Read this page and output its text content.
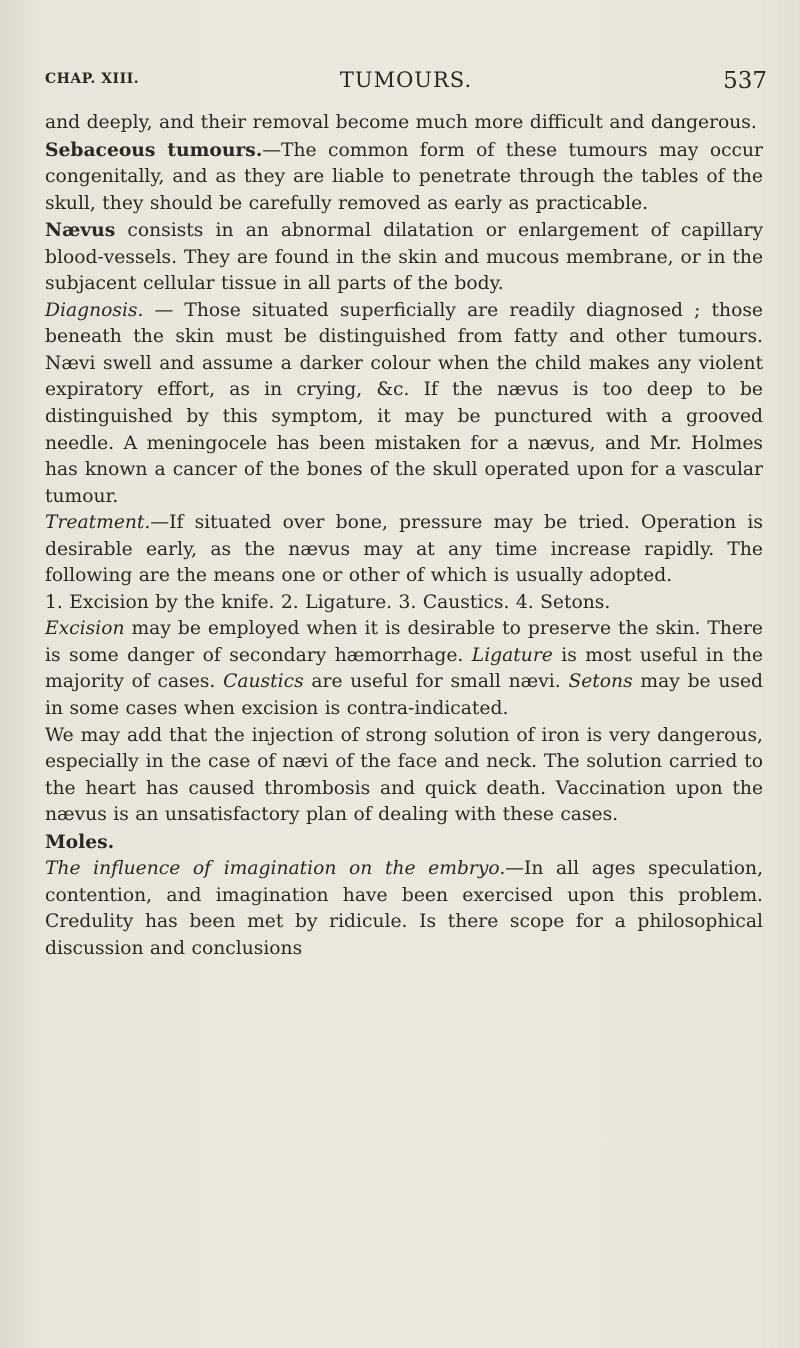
CHAP. XIII.	TUMOURS.	537

and deeply, and their removal become much more difficult and dangerous.

Sebaceous tumours.—The common form of these tumours may occur congenitally, and as they are liable to penetrate through the tables of the skull, they should be carefully removed as early as practicable.

Nævus consists in an abnormal dilatation or enlargement of capillary blood-vessels. They are found in the skin and mucous membrane, or in the subjacent cellular tissue in all parts of the body.

Diagnosis. — Those situated superficially are readily diagnosed ; those beneath the skin must be distinguished from fatty and other tumours. Nævi swell and assume a darker colour when the child makes any violent expiratory effort, as in crying, &c. If the nævus is too deep to be distinguished by this symptom, it may be punctured with a grooved needle. A meningocele has been mistaken for a nævus, and Mr. Holmes has known a cancer of the bones of the skull operated upon for a vascular tumour.

Treatment.—If situated over bone, pressure may be tried. Operation is desirable early, as the nævus may at any time increase rapidly. The following are the means one or other of which is usually adopted.

1. Excision by the knife. 2. Ligature. 3. Caustics. 4. Setons.

Excision may be employed when it is desirable to preserve the skin. There is some danger of secondary hæmorrhage. Ligature is most useful in the majority of cases. Caustics are useful for small nævi. Setons may be used in some cases when excision is contra-indicated.

We may add that the injection of strong solution of iron is very dangerous, especially in the case of nævi of the face and neck. The solution carried to the heart has caused thrombosis and quick death. Vaccination upon the nævus is an unsatisfactory plan of dealing with these cases.

Moles.

The influence of imagination on the embryo.—In all ages speculation, contention, and imagination have been exercised upon this problem. Credulity has been met by ridicule. Is there scope for a philosophical discussion and conclusions
